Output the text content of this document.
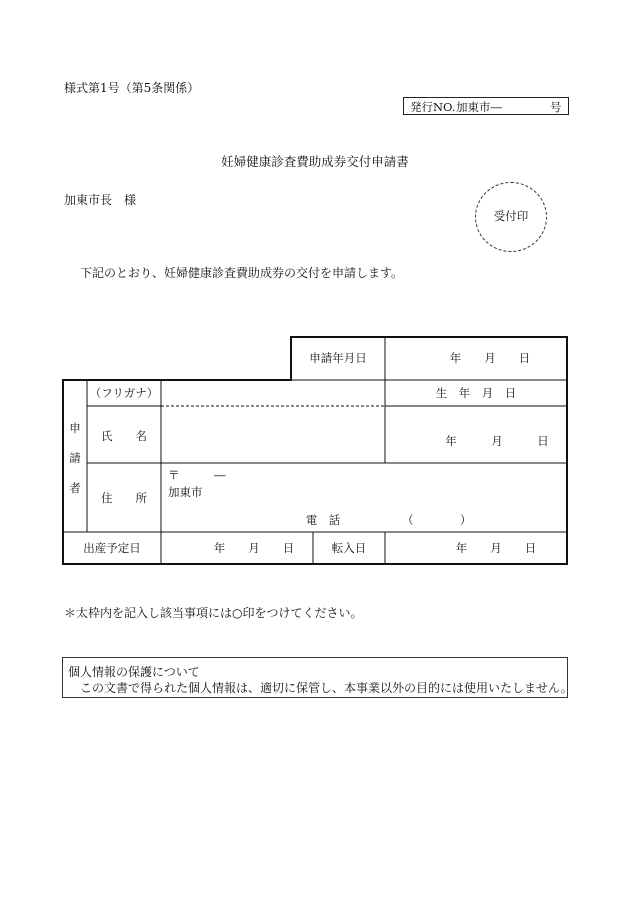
様式第1号（第5条関係）
発行NO. 加東市―	号
妊婦健康診査費助成券交付申請書
加東市長　様
受付印
下記のとおり、妊婦健康診査費助成券の交付を申請します。
申請年月日	年　　月　　日
申
請
者
（フリガナ）	生　年　月　日
氏　　名	年　　　月　　　日
住　　所
〒	―
加東市
電　話	（	）
出産予定日	年　　月　　日	転入日	年　　月　　日
＊太枠内を記入し該当事項には○印をつけてください。
個人情報の保護について
この文書で得られた個人情報は、適切に保管し、本事業以外の目的には使用いたしません。
